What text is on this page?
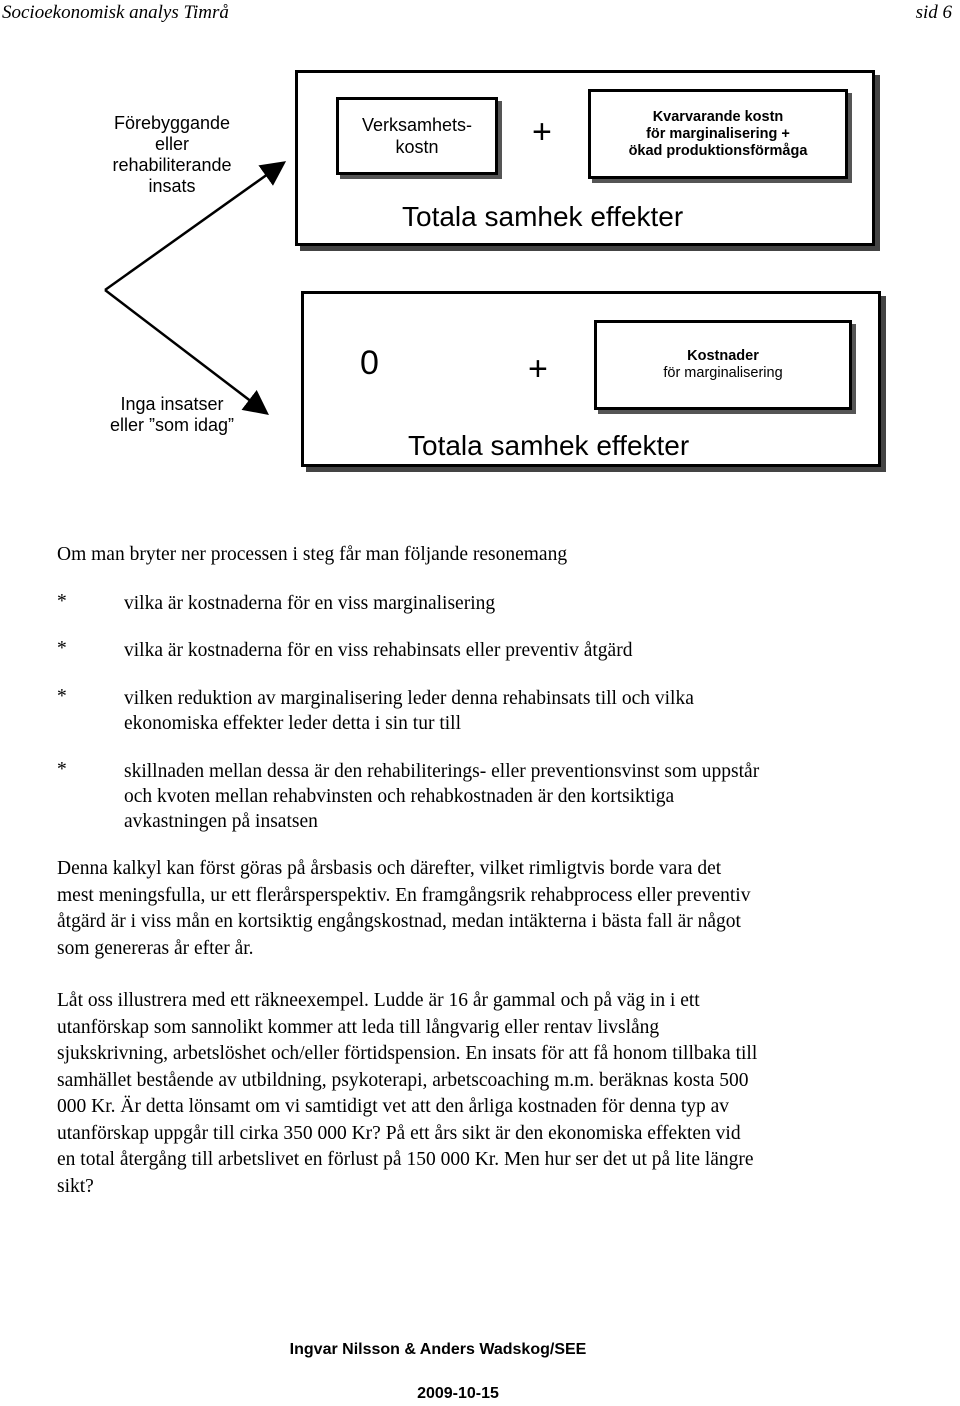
Socioekonomisk analys Timrå	sid 6
Förebyggande
eller
rehabiliterande
insats
Inga insatser
eller ”som idag”
Verksamhets-
kostn	+	Kvarvarande kostn
för marginalisering +
ökad produktionsförmåga
Totala samhek effekter
0	+	Kostnader
för marginalisering
Totala samhek effekter
Om man bryter ner processen i steg får man följande resonemang
*	vilka är kostnaderna för en viss marginalisering
*	vilka är kostnaderna för en viss rehabinsats eller preventiv åtgärd
*	vilken reduktion av marginalisering leder denna rehabinsats till och vilka
ekonomiska effekter leder detta i sin tur till
*	skillnaden mellan dessa är den rehabiliterings- eller preventionsvinst som uppstår
och kvoten mellan rehabvinsten och rehabkostnaden är den kortsiktiga
avkastningen på insatsen
Denna kalkyl kan först göras på årsbasis och därefter, vilket rimligtvis borde vara det
mest meningsfulla, ur ett flerårsperspektiv. En framgångsrik rehabprocess eller preventiv
åtgärd är i viss mån en kortsiktig engångskostnad, medan intäkterna i bästa fall är något
som genereras år efter år.
Låt oss illustrera med ett räkneexempel. Ludde är 16 år gammal och på väg in i ett
utanförskap som sannolikt kommer att leda till långvarig eller rentav livslång
sjukskrivning, arbetslöshet och/eller förtidspension. En insats för att få honom tillbaka till
samhället bestående av utbildning, psykoterapi, arbetscoaching m.m. beräknas kosta 500
000 Kr. Är detta lönsamt om vi samtidigt vet att den årliga kostnaden för denna typ av
utanförskap uppgår till cirka 350 000 Kr? På ett års sikt är den ekonomiska effekten vid
en total återgång till arbetslivet en förlust på 150 000 Kr. Men hur ser det ut på lite längre
sikt?
Ingvar Nilsson & Anders Wadskog/SEE
2009-10-15
